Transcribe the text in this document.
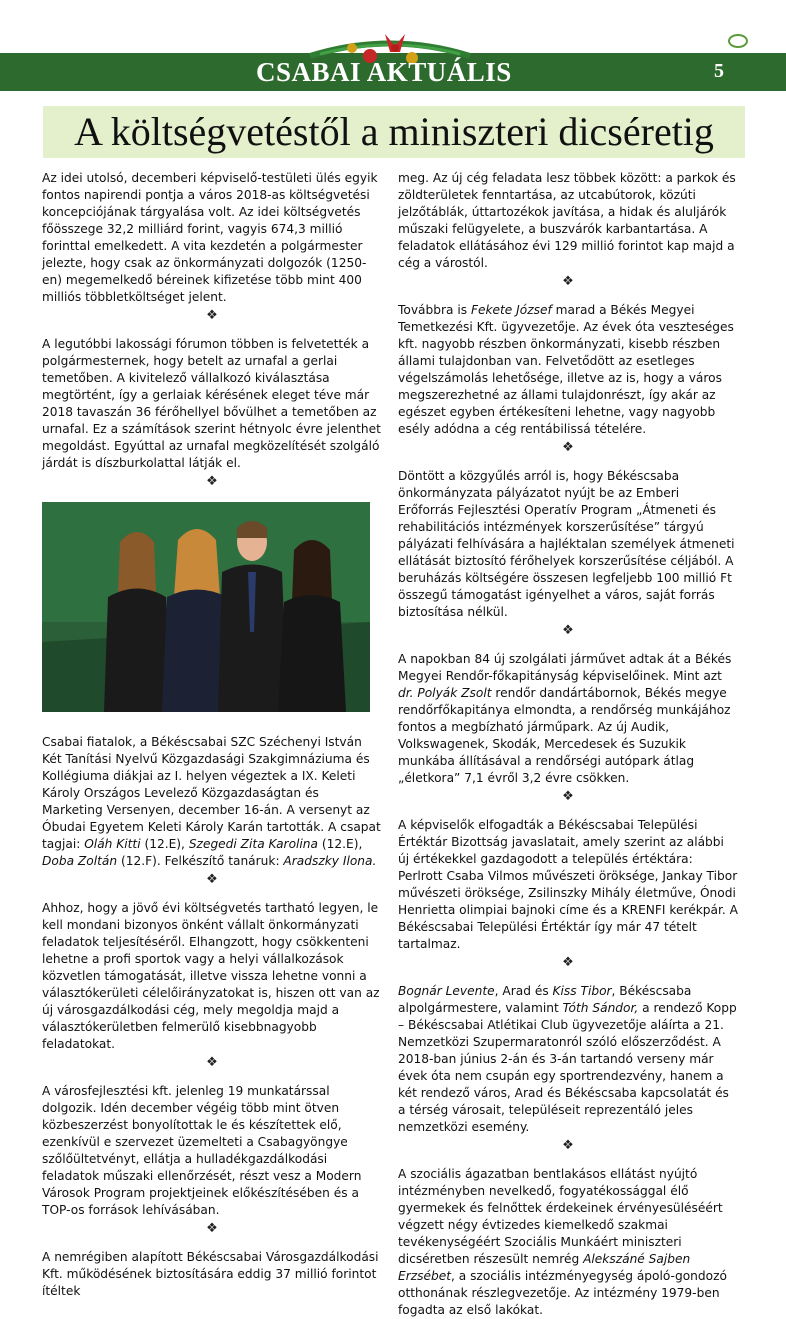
CSABAI AKTUÁLIS	5
A költségvetéstől a miniszteri dicséretig

Az idei utolsó, decemberi képviselő-testületi ülés egyik fontos napirendi pontja a város 2018-as költségvetési koncepciójának tárgyalása volt. Az idei költségvetés főösszege 32,2 milliárd forint, vagyis 674,3 millió forinttal emelkedett. A vita kezdetén a polgármester jelezte, hogy csak az önkormányzati dolgozók (1250-en) megemelkedő béreinek kifizetése több mint 400 milliós többletköltséget jelent.

❖

A legutóbbi lakossági fórumon többen is felvetették a polgármesternek, hogy betelt az urnafal a gerlai temetőben. A kivitelező vállalkozó kiválasztása megtörtént, így a gerlaiak kérésének eleget téve már 2018 tavaszán 36 férőhellyel bővülhet a temetőben az urnafal. Ez a számítások szerint hétnyolc évre jelenthet megoldást. Egyúttal az urnafal megközelítését szolgáló járdát is díszburkolattal látják el.

❖
(Fotó: facebook/bszc)

Csabai fiatalok, a Békéscsabai SZC Széchenyi István Két Tanítási Nyelvű Közgazdasági Szakgimnáziuma és Kollégiuma diákjai az I. helyen végeztek a IX. Keleti Károly Országos Levelező Közgazdaságtan és Marketing Versenyen, december 16-án. A versenyt az Óbudai Egyetem Keleti Károly Karán tartották. A csapat tagjai: Oláh Kitti (12.E), Szegedi Zita Karolina (12.E), Doba Zoltán (12.F). Felkészítő tanáruk: Aradszky Ilona.

❖

Ahhoz, hogy a jövő évi költségvetés tartható legyen, le kell mondani bizonyos önként vállalt önkormányzati feladatok teljesítéséről. Elhangzott, hogy csökkenteni lehetne a profi sportok vagy a helyi vállalkozások közvetlen támogatását, illetve vissza lehetne vonni a választókerületi célelőirányzatokat is, hiszen ott van az új városgazdálkodási cég, mely megoldja majd a választókerületben felmerülő kisebbnagyobb feladatokat.

❖

A városfejlesztési kft. jelenleg 19 munkatárssal dolgozik. Idén december végéig több mint ötven közbeszerzést bonyolítottak le és készítettek elő, ezenkívül e szervezet üzemelteti a Csabagyöngye szőlőültetvényt, ellátja a hulladékgazdálkodási feladatok műszaki ellenőrzését, részt vesz a Modern Városok Program projektjeinek előkészítésében és a TOP-os források lehívásában.

❖

A nemrégiben alapított Békéscsabai Városgazdálkodási Kft. működésének biztosítására eddig 37 millió forintot ítéltek

meg. Az új cég feladata lesz többek között: a parkok és zöldterületek fenntartása, az utcabútorok, közúti jelzőtáblák, úttartozékok javítása, a hidak és aluljárók műszaki felügyelete, a buszvárók karbantartása. A feladatok ellátásához évi 129 millió forintot kap majd a cég a várostól.

❖

Továbbra is Fekete József marad a Békés Megyei Temetkezési Kft. ügyvezetője. Az évek óta veszteséges kft. nagyobb részben önkormányzati, kisebb részben állami tulajdonban van. Felvetődött az esetleges végelszámolás lehetősége, illetve az is, hogy a város megszerezhetné az állami tulajdonrészt, így akár az egészet egyben értékesíteni lehetne, vagy nagyobb esély adódna a cég rentábilissá tételére.

❖

Döntött a közgyűlés arról is, hogy Békéscsaba önkormányzata pályázatot nyújt be az Emberi Erőforrás Fejlesztési Operatív Program „Átmeneti és rehabilitációs intézmények korszerűsítése” tárgyú pályázati felhívására a hajléktalan személyek átmeneti ellátását biztosító férőhelyek korszerűsítése céljából. A beruházás költségére összesen legfeljebb 100 millió Ft összegű támogatást igényelhet a város, saját forrás biztosítása nélkül.

❖

A napokban 84 új szolgálati járművet adtak át a Békés Megyei Rendőr-főkapitányság képviselőinek. Mint azt dr. Polyák Zsolt rendőr dandártábornok, Békés megye rendőrfőkapitánya elmondta, a rendőrség munkájához fontos a megbízható járműpark. Az új Audik, Volkswagenek, Skodák, Mercedesek és Suzukik munkába állításával a rendőrségi autópark átlag „életkora” 7,1 évről 3,2 évre csökken.

❖

A képviselők elfogadták a Békéscsabai Települési Értéktár Bizottság javaslatait, amely szerint az alábbi új értékekkel gazdagodott a település értéktára: Perlrott Csaba Vilmos művészeti öröksége, Jankay Tibor művészeti öröksége, Zsilinszky Mihály életműve, Ónodi Henrietta olimpiai bajnoki címe és a KRENFI kerékpár. A Békéscsabai Települési Értéktár így már 47 tételt tartalmaz.

❖

Bognár Levente, Arad és Kiss Tibor, Békéscsaba alpolgármestere, valamint Tóth Sándor, a rendező Kopp – Békéscsabai Atlétikai Club ügyvezetője aláírta a 21. Nemzetközi Szupermaratonról szóló előszerződést. A 2018-ban június 2-án és 3-án tartandó verseny már évek óta nem csupán egy sportrendezvény, hanem a két rendező város, Arad és Békéscsaba kapcsolatát és a térség városait, településeit reprezentáló jeles nemzetközi esemény.

❖

A szociális ágazatban bentlakásos ellátást nyújtó intézményben nevelkedő, fogyatékossággal élő gyermekek és felnőttek érdekeinek érvényesüléséért végzett négy évtizedes kiemelkedő szakmai tevékenységéért Szociális Munkáért miniszteri dicséretben részesült nemrég Alekszáné Sajben Erzsébet, a szociális intézményegység ápoló-gondozó otthonának részlegvezetője. Az intézmény 1979-ben fogadta az első lakókat.
